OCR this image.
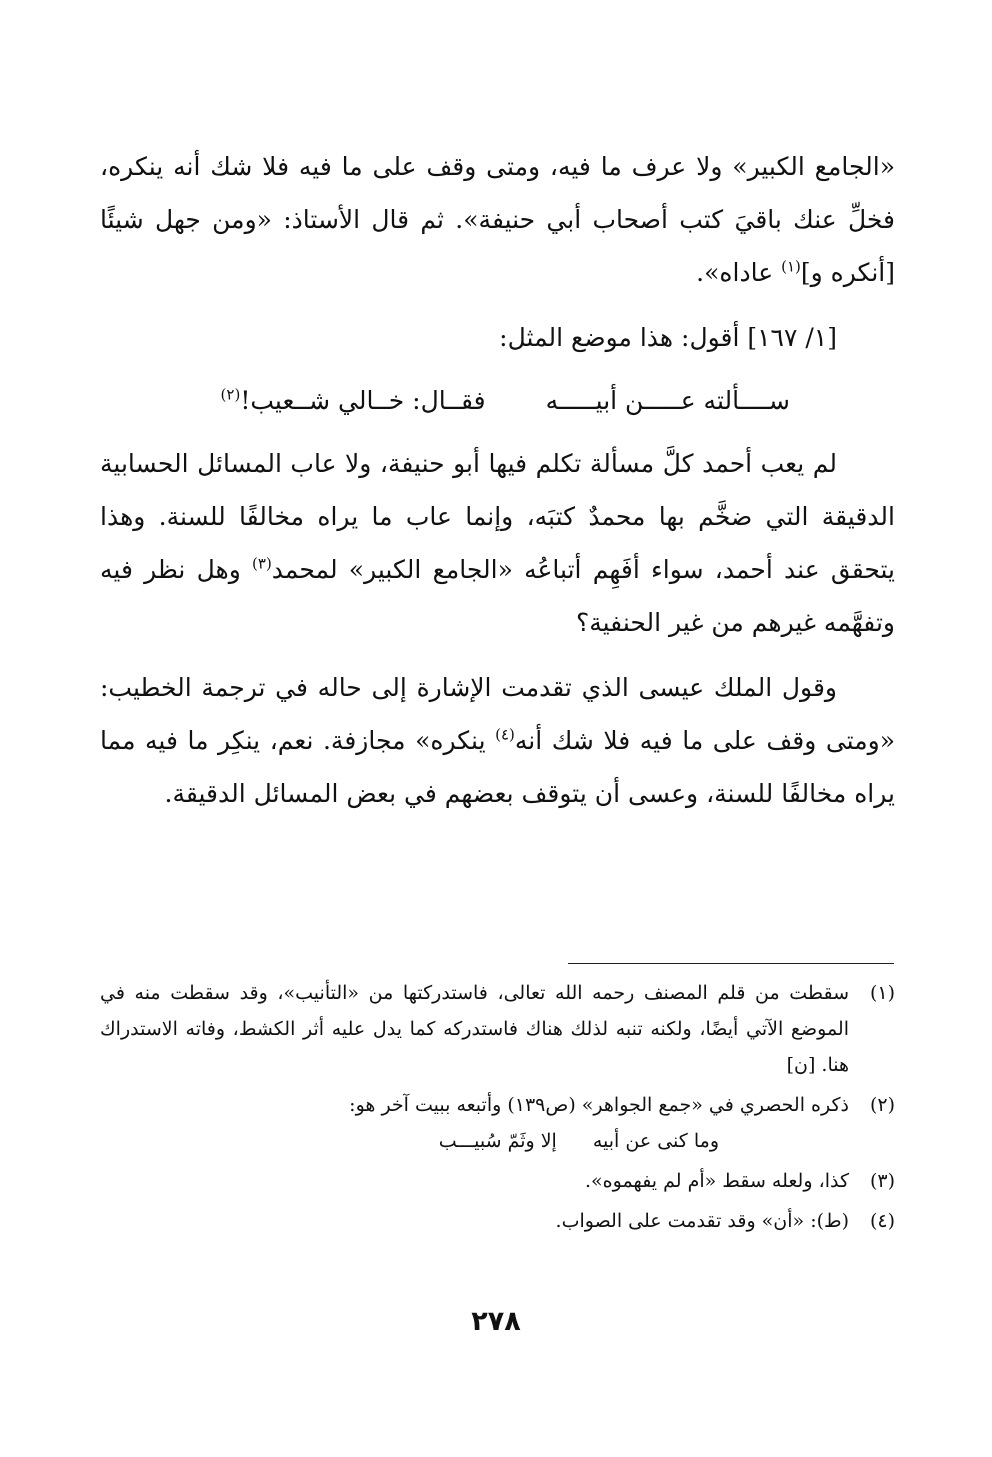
«الجامع الكبير» ولا عرف ما فيه، ومتى وقف على ما فيه فلا شك أنه ينكره، فخلِّ عنك باقيَ كتب أصحاب أبي حنيفة». ثم قال الأستاذ: «ومن جهل شيئًا [أنكره و]$^{(١)}$ عاداه».

[١/ ١٦٧] أقول: هذا موضع المثل:

ســــألته عـــــن أبيـــــه
فقــال: خــالي شــعيب!$^{(٢)}$

لم يعب أحمد كلَّ مسألة تكلم فيها أبو حنيفة، ولا عاب المسائل الحسابية الدقيقة التي ضخَّم بها محمدٌ كتبَه، وإنما عاب ما يراه مخالفًا للسنة. وهذا يتحقق عند أحمد، سواء أفَهِم أتباعُه «الجامع الكبير» لمحمد$^{(٣)}$ وهل نظر فيه وتفهَّمه غيرهم من غير الحنفية؟

وقول الملك عيسى الذي تقدمت الإشارة إلى حاله في ترجمة الخطيب: «ومتى وقف على ما فيه فلا شك أنه$^{(٤)}$ ينكره» مجازفة. نعم، ينكِر ما فيه مما يراه مخالفًا للسنة، وعسى أن يتوقف بعضهم في بعض المسائل الدقيقة.

(١)
سقطت من قلم المصنف رحمه الله تعالى، فاستدركتها من «التأنيب»، وقد سقطت منه في الموضع الآتي أيضًا، ولكنه تنبه لذلك هناك فاستدركه كما يدل عليه أثر الكشط، وفاته الاستدراك هنا. [ن]
(٢)
ذكره الحصري في «جمع الجواهر» (ص١٣٩) وأتبعه ببيت آخر هو:
وما كنى عن أبيه
إلا وثَمّ سُبيـــب
(٣)
كذا، ولعله سقط «أم لم يفهموه».
(٤)
(ط): «أن» وقد تقدمت على الصواب.
٢٧٨
